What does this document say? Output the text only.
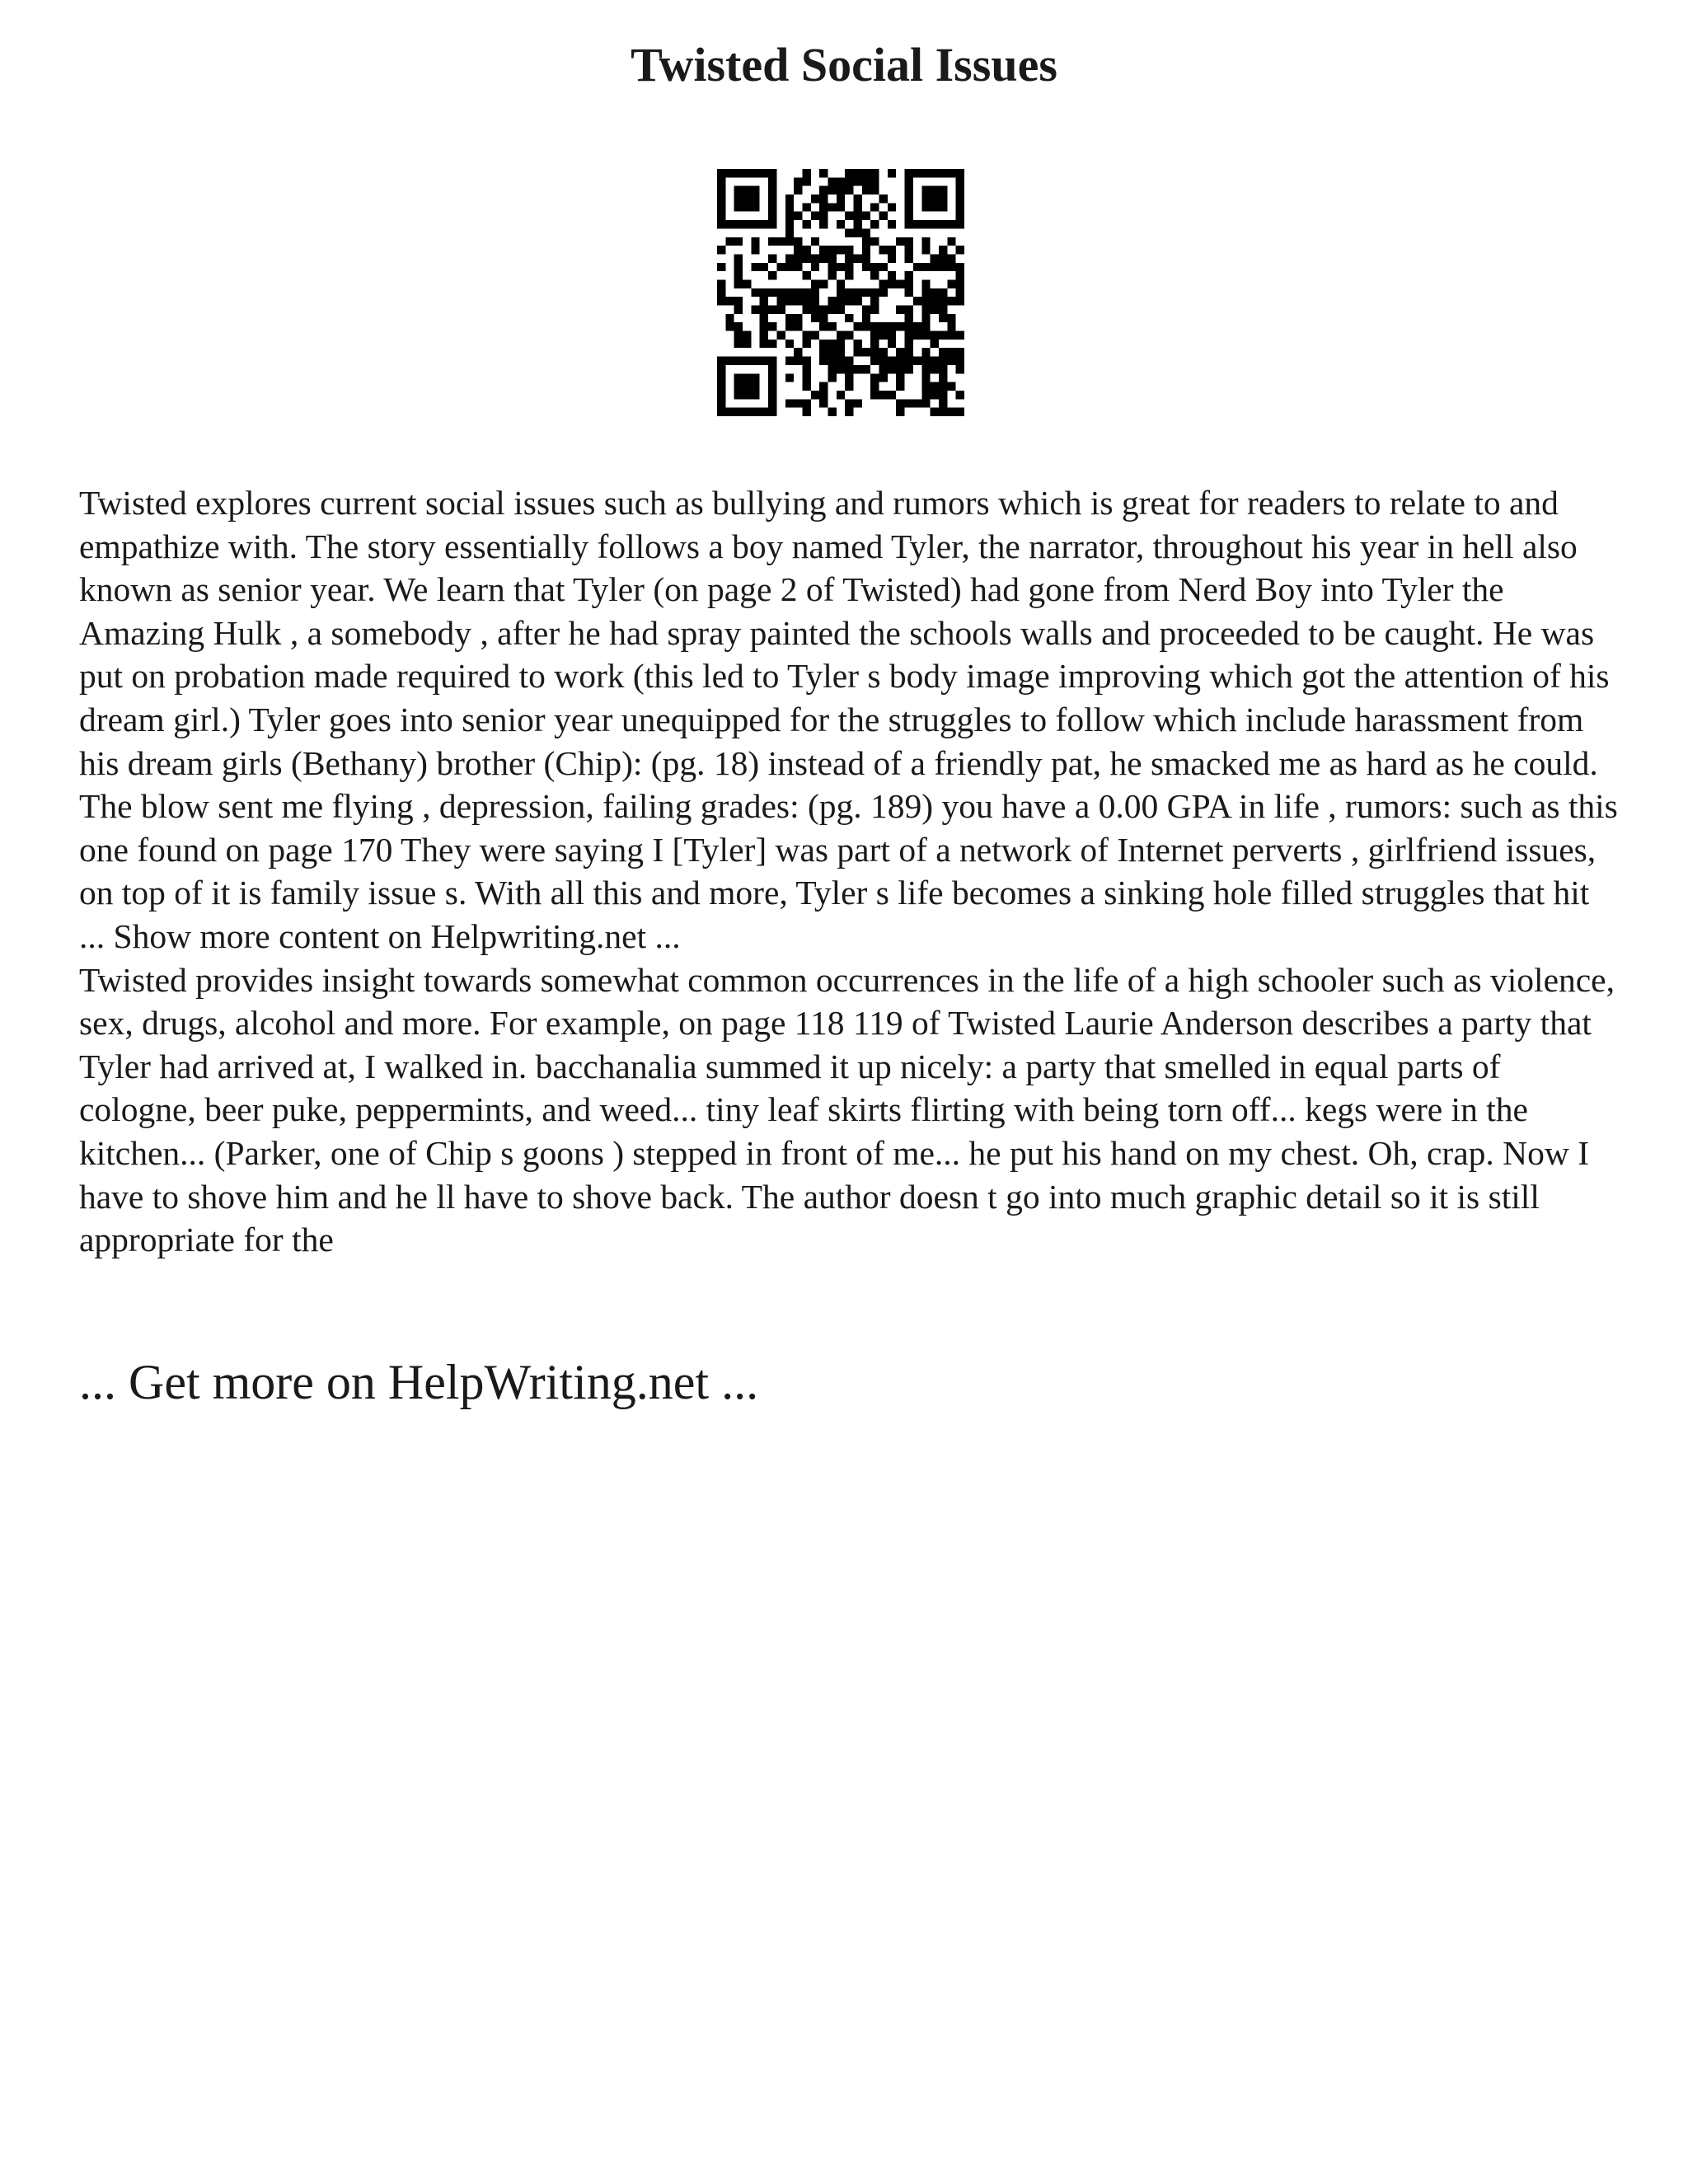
Twisted Social Issues

Twisted explores current social issues such as bullying and rumors which is great for readers to relate to and empathize with. The story essentially follows a boy named Tyler, the narrator, throughout his year in hell also known as senior year. We learn that Tyler (on page 2 of Twisted) had gone from Nerd Boy into Tyler the Amazing Hulk , a somebody , after he had spray painted the schools walls and proceeded to be caught. He was put on probation made required to work (this led to Tyler s body image improving which got the attention of his dream girl.) Tyler goes into senior year unequipped for the struggles to follow which include harassment from his dream girls (Bethany) brother (Chip): (pg. 18) instead of a friendly pat, he smacked me as hard as he could. The blow sent me flying , depression, failing grades: (pg. 189) you have a 0.00 GPA in life , rumors: such as this one found on page 170 They were saying I [Tyler] was part of a network of Internet perverts , girlfriend issues, on top of it is family issue s. With all this and more, Tyler s life becomes a sinking hole filled struggles that hit ... Show more content on Helpwriting.net ...

Twisted provides insight towards somewhat common occurrences in the life of a high schooler such as violence, sex, drugs, alcohol and more. For example, on page 118 119 of Twisted Laurie Anderson describes a party that Tyler had arrived at, I walked in. bacchanalia summed it up nicely: a party that smelled in equal parts of cologne, beer puke, peppermints, and weed... tiny leaf skirts flirting with being torn off... kegs were in the kitchen... (Parker, one of Chip s goons ) stepped in front of me... he put his hand on my chest. Oh, crap. Now I have to shove him and he ll have to shove back. The author doesn t go into much graphic detail so it is still appropriate for the

... Get more on HelpWriting.net ...
